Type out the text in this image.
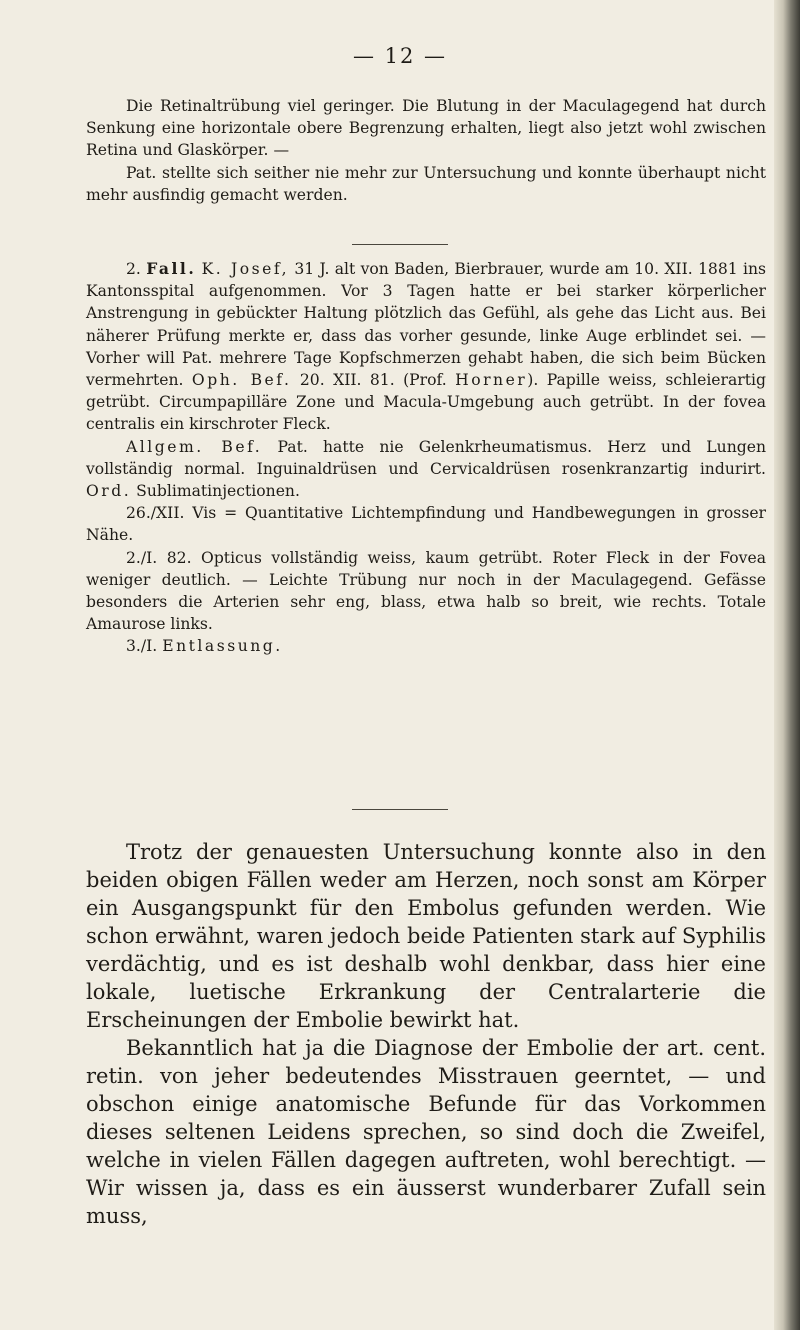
— 12 —

Die Retinaltrübung viel geringer. Die Blutung in der Maculagegend hat durch Senkung eine horizontale obere Begrenzung erhalten, liegt also jetzt wohl zwischen Retina und Glaskörper. —

Pat. stellte sich seither nie mehr zur Untersuchung und konnte überhaupt nicht mehr ausfindig gemacht werden.

2. Fall. K. Josef, 31 J. alt von Baden, Bierbrauer, wurde am 10. XII. 1881 ins Kantonsspital aufgenommen. Vor 3 Tagen hatte er bei starker körperlicher Anstrengung in gebückter Haltung plötzlich das Gefühl, als gehe das Licht aus. Bei näherer Prüfung merkte er, dass das vorher gesunde, linke Auge erblindet sei. — Vorher will Pat. mehrere Tage Kopfschmerzen gehabt haben, die sich beim Bücken vermehrten. Oph. Bef. 20. XII. 81. (Prof. Horner). Papille weiss, schleierartig getrübt. Circumpapilläre Zone und Macula-Umgebung auch getrübt. In der fovea centralis ein kirschroter Fleck.

Allgem. Bef. Pat. hatte nie Gelenkrheumatismus. Herz und Lungen vollständig normal. Inguinaldrüsen und Cervicaldrüsen rosenkranzartig indurirt. Ord. Sublimatinjectionen.

26./XII. Vis = Quantitative Lichtempfindung und Handbewegungen in grosser Nähe.

2./I. 82. Opticus vollständig weiss, kaum getrübt. Roter Fleck in der Fovea weniger deutlich. — Leichte Trübung nur noch in der Maculagegend. Gefässe besonders die Arterien sehr eng, blass, etwa halb so breit, wie rechts. Totale Amaurose links.

3./I. Entlassung.

Trotz der genauesten Untersuchung konnte also in den beiden obigen Fällen weder am Herzen, noch sonst am Körper ein Ausgangspunkt für den Embolus gefunden werden. Wie schon erwähnt, waren jedoch beide Patienten stark auf Syphilis verdächtig, und es ist deshalb wohl denkbar, dass hier eine lokale, luetische Erkrankung der Centralarterie die Erscheinungen der Embolie bewirkt hat.

Bekanntlich hat ja die Diagnose der Embolie der art. cent. retin. von jeher bedeutendes Misstrauen geerntet, — und obschon einige anatomische Befunde für das Vorkommen dieses seltenen Leidens sprechen, so sind doch die Zweifel, welche in vielen Fällen dagegen auftreten, wohl berechtigt. — Wir wissen ja, dass es ein äusserst wunderbarer Zufall sein muss,
